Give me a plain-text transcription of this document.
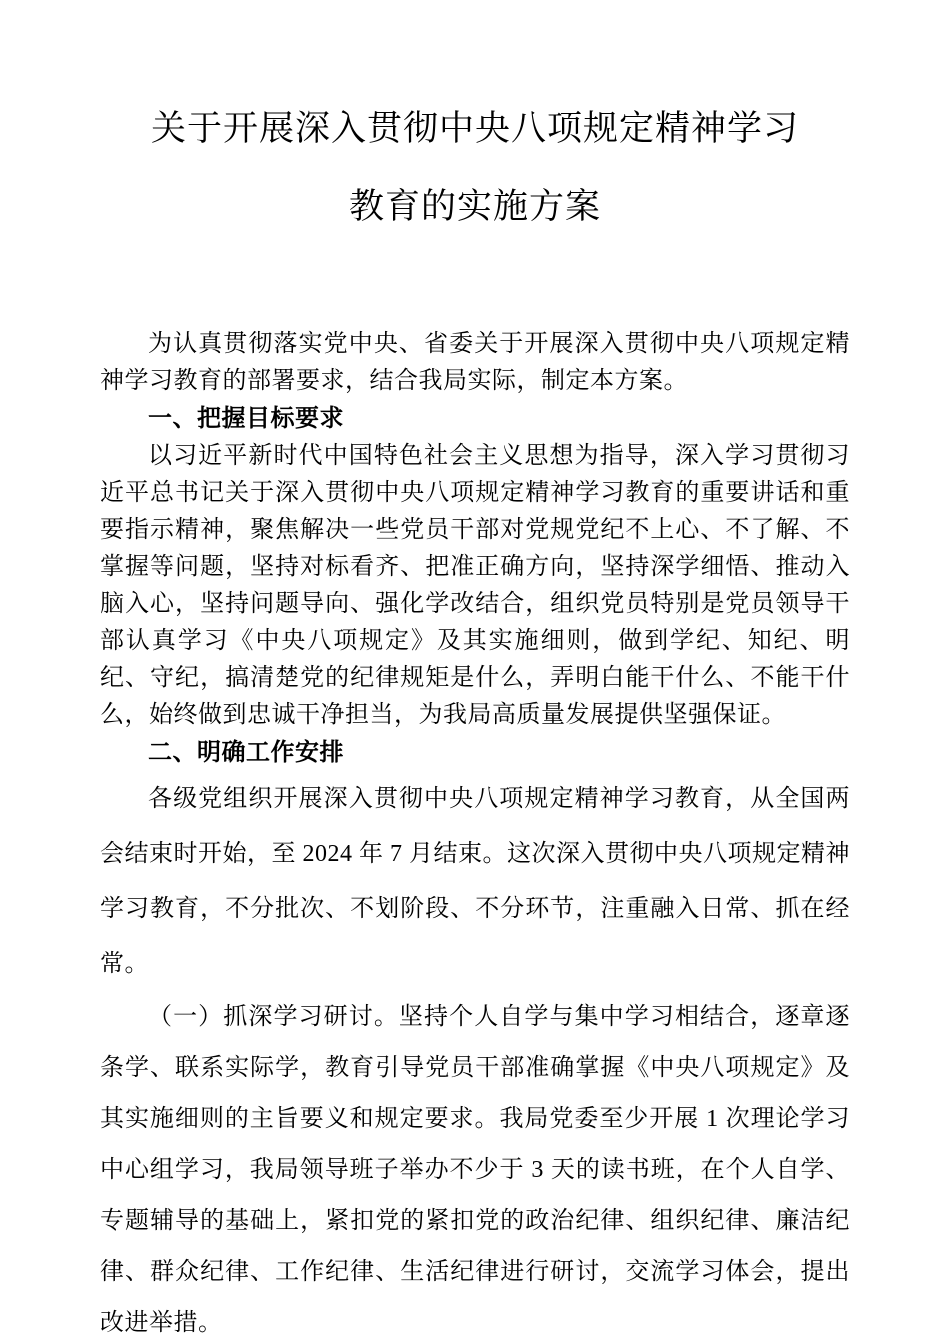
关于开展深入贯彻中央八项规定精神学习
教育的实施方案

为认真贯彻落实党中央、省委关于开展深入贯彻中央八项规定精神学习教育的部署要求，结合我局实际，制定本方案。

一、把握目标要求

以习近平新时代中国特色社会主义思想为指导，深入学习贯彻习近平总书记关于深入贯彻中央八项规定精神学习教育的重要讲话和重要指示精神，聚焦解决一些党员干部对党规党纪不上心、不了解、不掌握等问题，坚持对标看齐、把准正确方向，坚持深学细悟、推动入脑入心，坚持问题导向、强化学改结合，组织党员特别是党员领导干部认真学习《中央八项规定》及其实施细则，做到学纪、知纪、明纪、守纪，搞清楚党的纪律规矩是什么，弄明白能干什么、不能干什么，始终做到忠诚干净担当，为我局高质量发展提供坚强保证。

二、明确工作安排

各级党组织开展深入贯彻中央八项规定精神学习教育，从全国两会结束时开始，至 2024 年 7 月结束。这次深入贯彻中央八项规定精神学习教育，不分批次、不划阶段、不分环节，注重融入日常、抓在经常。

（一）抓深学习研讨。坚持个人自学与集中学习相结合，逐章逐条学、联系实际学，教育引导党员干部准确掌握《中央八项规定》及其实施细则的主旨要义和规定要求。我局党委至少开展 1 次理论学习中心组学习，我局领导班子举办不少于 3 天的读书班，在个人自学、专题辅导的基础上，紧扣党的紧扣党的政治纪律、组织纪律、廉洁纪律、群众纪律、工作纪律、生活纪律进行研讨，交流学习体会，提出改进举措。
